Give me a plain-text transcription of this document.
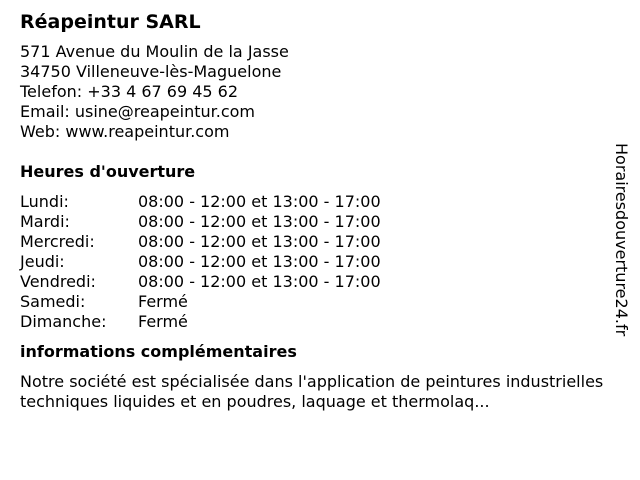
Réapeintur SARL
571 Avenue du Moulin de la Jasse
34750 Villeneuve-lès-Maguelone
Telefon: +33 4 67 69 45 62
Email: usine@reapeintur.com
Web: www.reapeintur.com
Heures d'ouverture
Lundi:	08:00 - 12:00 et 13:00 - 17:00
Mardi:	08:00 - 12:00 et 13:00 - 17:00
Mercredi:	08:00 - 12:00 et 13:00 - 17:00
Jeudi:	08:00 - 12:00 et 13:00 - 17:00
Vendredi:	08:00 - 12:00 et 13:00 - 17:00
Samedi:	Fermé
Dimanche:	Fermé
informations complémentaires
Notre société est spécialisée dans l'application de peintures industrielles techniques liquides et en poudres, laquage et thermolaq...
Horairesdouverture24.fr
